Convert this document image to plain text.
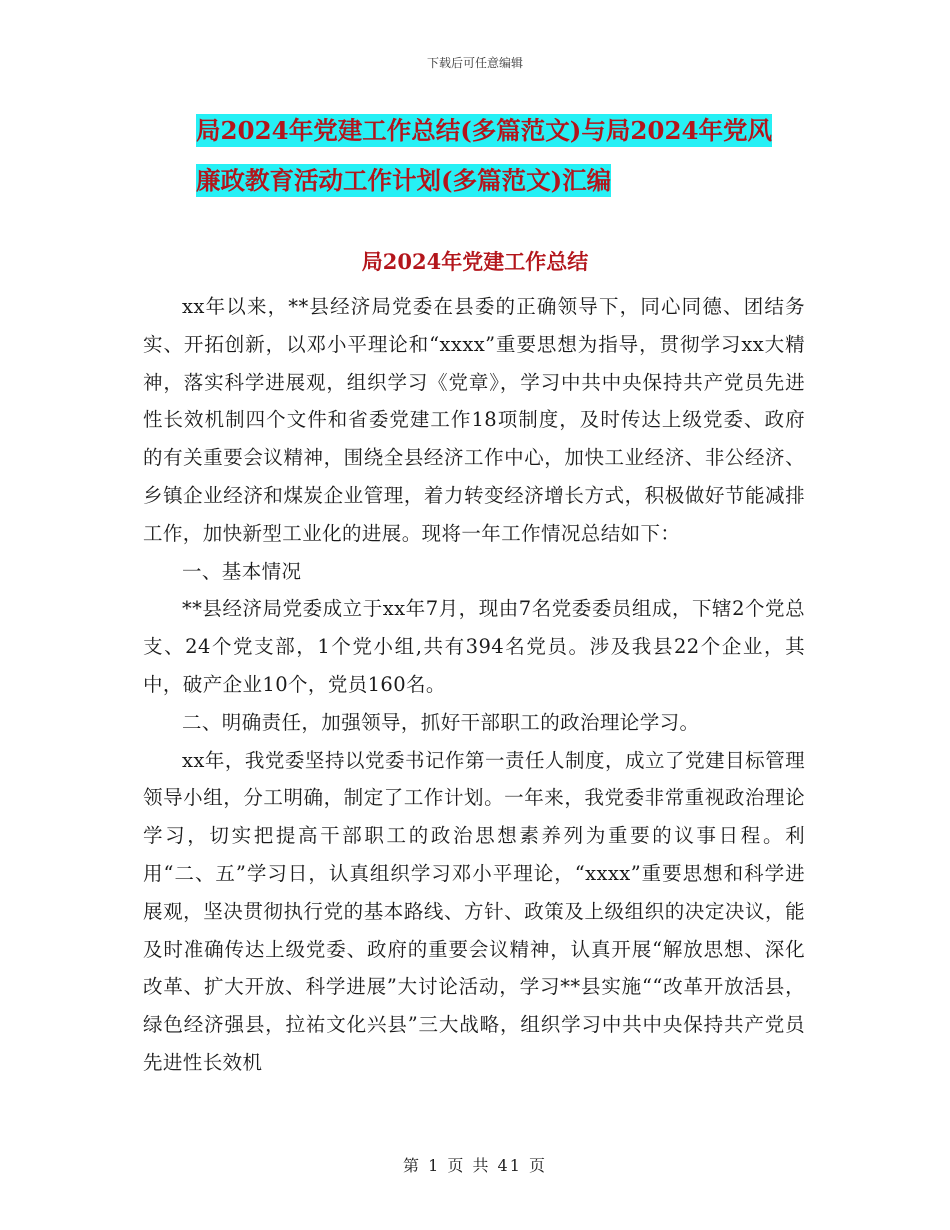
下载后可任意编辑
局2024年党建工作总结(多篇范文)与局2024年党风
廉政教育活动工作计划(多篇范文)汇编
局2024年党建工作总结

xx年以来，**县经济局党委在县委的正确领导下，同心同德、团结务实、开拓创新，以邓小平理论和“xxxx”重要思想为指导，贯彻学习xx大精神，落实科学进展观，组织学习《党章》，学习中共中央保持共产党员先进性长效机制四个文件和省委党建工作18项制度，及时传达上级党委、政府的有关重要会议精神，围绕全县经济工作中心，加快工业经济、非公经济、乡镇企业经济和煤炭企业管理，着力转变经济增长方式，积极做好节能减排工作，加快新型工业化的进展。现将一年工作情况总结如下：

一、基本情况

**县经济局党委成立于xx年7月，现由7名党委委员组成，下辖2个党总支、24个党支部，1个党小组,共有394名党员。涉及我县22个企业，其中，破产企业10个，党员160名。

二、明确责任，加强领导，抓好干部职工的政治理论学习。

xx年，我党委坚持以党委书记作第一责任人制度，成立了党建目标管理领导小组，分工明确，制定了工作计划。一年来，我党委非常重视政治理论学习，切实把提高干部职工的政治思想素养列为重要的议事日程。利用“二、五”学习日，认真组织学习邓小平理论，“xxxx”重要思想和科学进展观，坚决贯彻执行党的基本路线、方针、政策及上级组织的决定决议，能及时准确传达上级党委、政府的重要会议精神，认真开展“解放思想、深化改革、扩大开放、科学进展”大讨论活动，学习**县实施““改革开放活县，绿色经济强县，拉祐文化兴县”三大战略，组织学习中共中央保持共产党员先进性长效机

第 1 页 共 41 页
